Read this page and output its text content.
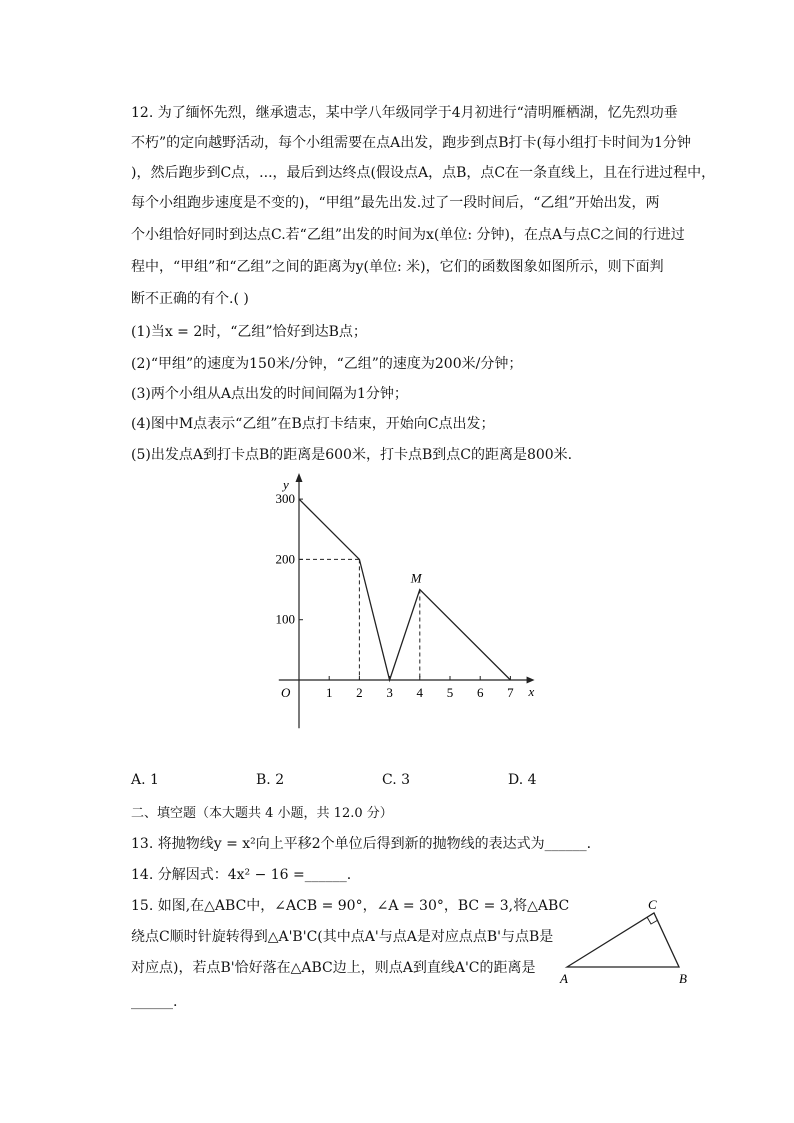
12. 为了缅怀先烈，继承遗志，某中学八年级同学于4月初进行“清明雁栖湖，忆先烈功垂
不朽”的定向越野活动，每个小组需要在点A出发，跑步到点B打卡(每小组打卡时间为1分钟
)，然后跑步到C点，...，最后到达终点(假设点A，点B，点C在一条直线上，且在行进过程中，
每个小组跑步速度是不变的)，“甲组”最先出发.过了一段时间后，“乙组”开始出发，两
个小组恰好同时到达点C.若“乙组”出发的时间为x(单位: 分钟)，在点A与点C之间的行进过
程中，“甲组”和“乙组”之间的距离为y(单位: 米)，它们的函数图象如图所示，则下面判
断不正确的有个.( )
(1)当x = 2时，“乙组”恰好到达B点；
(2)“甲组”的速度为150米/分钟，“乙组”的速度为200米/分钟；
(3)两个小组从A点出发的时间间隔为1分钟；
(4)图中M点表示“乙组”在B点打卡结束，开始向C点出发；
(5)出发点A到打卡点B的距离是600米，打卡点B到点C的距离是800米.
x
y
O	1 2 3 4 5 6 7
100
200
300
M
A. 1	B. 2	C. 3	D. 4
二、填空题（本大题共 4 小题，共 12.0 分）
13. 将抛物线y = x²向上平移2个单位后得到新的抛物线的表达式为______.
14. 分解因式：4x² − 16 =______.
15. 如图,在△ABC中，∠ACB = 90°，∠A = 30°，BC = 3,将△ABC
绕点C顺时针旋转得到△A'B'C(其中点A'与点A是对应点点B'与点B是
对应点)，若点B'恰好落在△ABC边上，则点A到直线A'C的距离是
______.
A	B
C
